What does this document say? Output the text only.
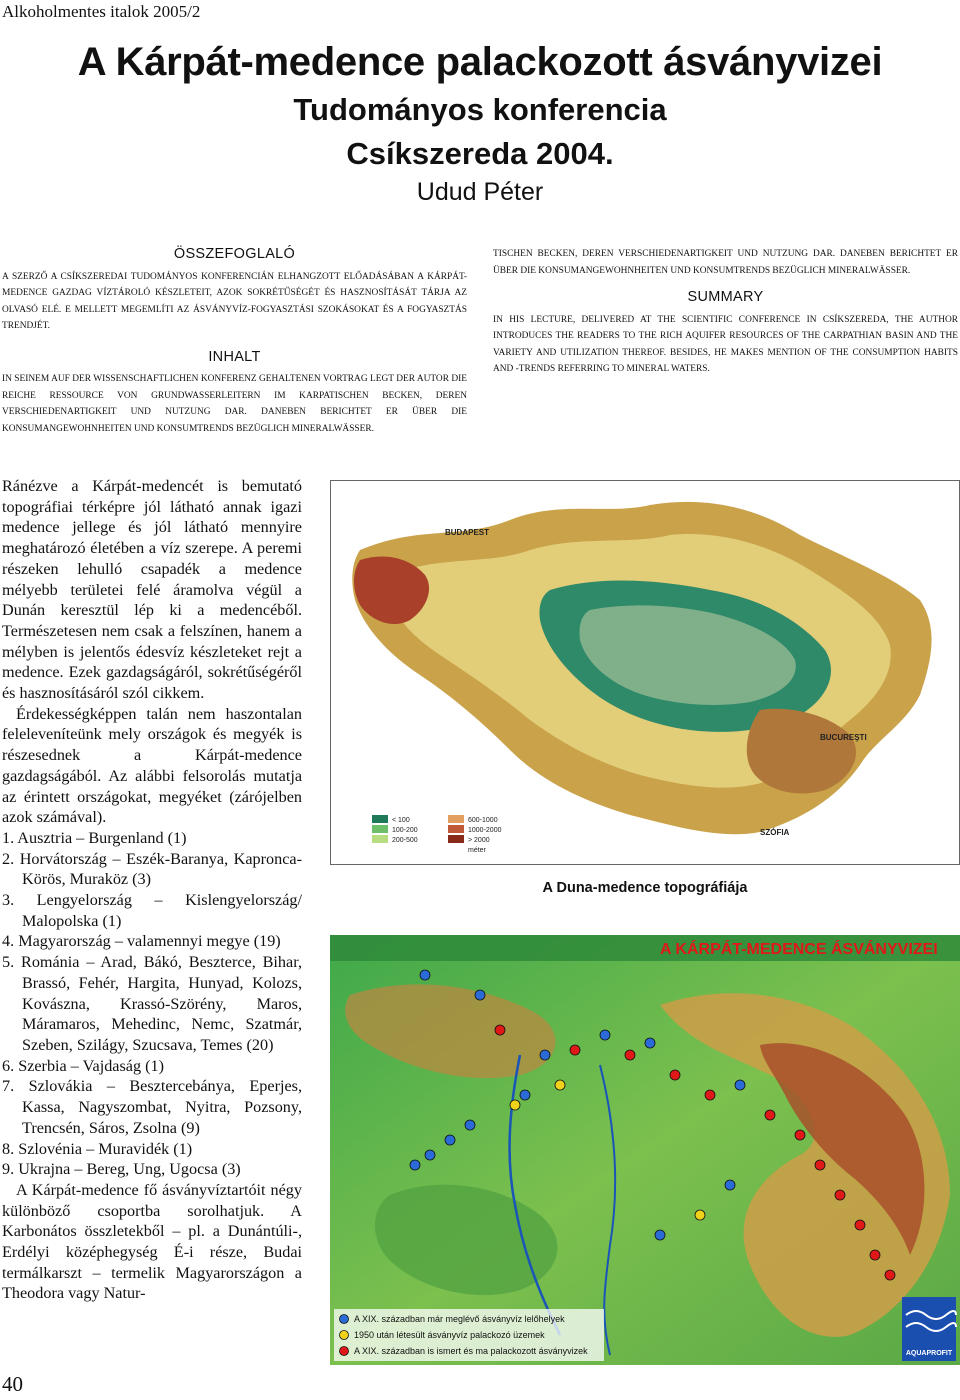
Alkoholmentes italok 2005/2
A Kárpát-medence palackozott ásványvizei
Tudományos konferencia
Csíkszereda 2004.
Udud Péter
ÖSSZEFOGLALÓ

A SZERZŐ A CSÍKSZEREDAI TUDOMÁNYOS KONFERENCIÁN ELHANGZOTT ELŐADÁSÁBAN A KÁRPÁT-MEDENCE GAZDAG VÍZTÁROLÓ KÉSZLETEIT, AZOK SOKRÉTŰSÉGÉT ÉS HASZNOSÍTÁSÁT TÁRJA AZ OLVASÓ ELÉ. E MELLETT MEGEMLÍTI AZ ÁSVÁNYVÍZ-FOGYASZTÁSI SZOKÁSOKAT ÉS A FOGYASZTÁS TRENDJÉT.

INHALT

IN SEINEM AUF DER WISSENSCHAFTLICHEN KONFERENZ GEHALTENEN VORTRAG LEGT DER AUTOR DIE REICHE RESSOURCE VON GRUNDWASSERLEITERN IM KARPATISCHEN BECKEN, DEREN VERSCHIEDENARTIGKEIT UND NUTZUNG DAR. DANEBEN BERICHTET ER ÜBER DIE KONSUMANGEWOHNHEITEN UND KONSUMTRENDS BEZÜGLICH MINERALWÄSSER.

TISCHEN BECKEN, DEREN VERSCHIEDENARTIGKEIT UND NUTZUNG DAR. DANEBEN BERICHTET ER ÜBER DIE KONSUMANGEWOHNHEITEN UND KONSUMTRENDS BEZÜGLICH MINERALWÄSSER.

SUMMARY

IN HIS LECTURE, DELIVERED AT THE SCIENTIFIC CONFERENCE IN CSÍKSZEREDA, THE AUTHOR INTRODUCES THE READERS TO THE RICH AQUIFER RESOURCES OF THE CARPATHIAN BASIN AND THE VARIETY AND UTILIZATION THEREOF. BESIDES, HE MAKES MENTION OF THE CONSUMPTION HABITS AND -TRENDS REFERRING TO MINERAL WATERS.

Ránézve a Kárpát-medencét is bemutató topográfiai térképre jól látható annak igazi medence jellege és jól látható mennyire meghatározó életében a víz szerepe. A peremi részeken lehulló csapadék a medence mélyebb területei felé áramolva végül a Dunán keresztül lép ki a medencéből. Természetesen nem csak a felszínen, hanem a mélyben is jelentős édesvíz készleteket rejt a medence. Ezek gazdagságáról, sokrétűségéről és hasznosításáról szól cikkem.

Érdekességképpen talán nem haszontalan feleleveníteünk mely országok és megyék is részesednek a Kárpát-medence gazdagságából. Az alábbi felsorolás mutatja az érintett országokat, megyéket (zárójelben azok számával).

1. Ausztria – Burgenland (1)

2. Horvátország – Eszék-Baranya, Kapronca-Körös, Muraköz (3)

3. Lengyelország – Kislengyelország/ Malopolska (1)

4. Magyarország – valamennyi megye (19)

5. Románia – Arad, Bákó, Beszterce, Bihar, Brassó, Fehér, Hargita, Hunyad, Kolozs, Kovászna, Krassó-Szörény, Maros, Máramaros, Mehedinc, Nemc, Szatmár, Szeben, Szilágy, Szucsava, Temes (20)

6. Szerbia – Vajdaság (1)

7. Szlovákia – Besztercebánya, Eperjes, Kassa, Nagyszombat, Nyitra, Pozsony, Trencsén, Sáros, Zsolna (9)

8. Szlovénia – Muravidék (1)

9. Ukrajna – Bereg, Ung, Ugocsa (3)

A Kárpát-medence fő ásványvíztartóit négy különböző csoportba sorolhatjuk. A Karbonátos összletekből – pl. a Dunántúli-, Erdélyi középhegység É-i része, Budai termálkarszt – termelik Magyarországon a Theodora vagy Natur-

BUDAPEST
BUCUREŞTI
SZÓFIA
< 100
100-200
200-500
600-1000
1000-2000
> 2000
méter
A Duna-medence topográfiája
A KÁRPÁT-MEDENCE ÁSVÁNYVIZEI
A XIX. században már meglévő ásványvíz lelőhelyek
1950 után létesült ásványvíz palackozó üzemek
A XIX. században is ismert és ma palackozott ásványvizek	AQUAPROFIT
40
